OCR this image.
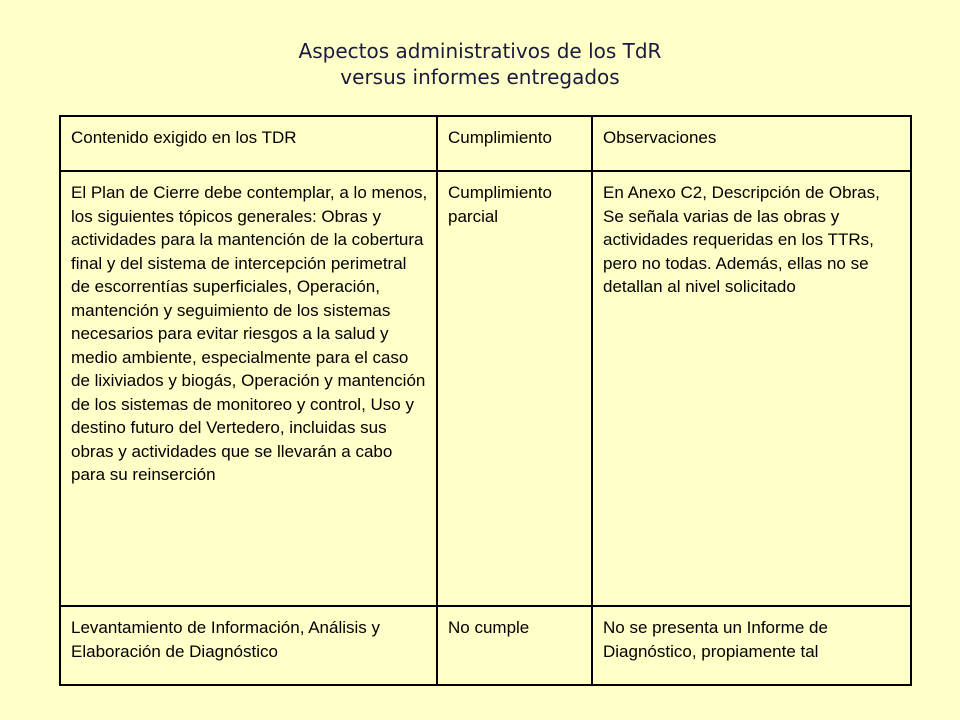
Aspectos administrativos de los TdR
versus informes entregados
Contenido exigido en los TDR	Cumplimiento	Observaciones
El Plan de Cierre debe contemplar, a lo menos, los siguientes tópicos generales: Obras y actividades para la mantención de la cobertura final y del sistema de intercepción perimetral de escorrentías superficiales, Operación, mantención y seguimiento de los sistemas necesarios para evitar riesgos a la salud y medio ambiente, especialmente para el caso de lixiviados y biogás, Operación y mantención de los sistemas de monitoreo y control, Uso y destino futuro del Vertedero, incluidas sus obras y actividades que se llevarán a cabo para su reinserción	Cumplimiento parcial	En Anexo C2, Descripción de Obras, Se señala varias de las obras y actividades requeridas en los TTRs, pero no todas. Además, ellas no se detallan al nivel solicitado
Levantamiento de Información, Análisis y Elaboración de Diagnóstico	No cumple	No se presenta un Informe de Diagnóstico, propiamente tal
